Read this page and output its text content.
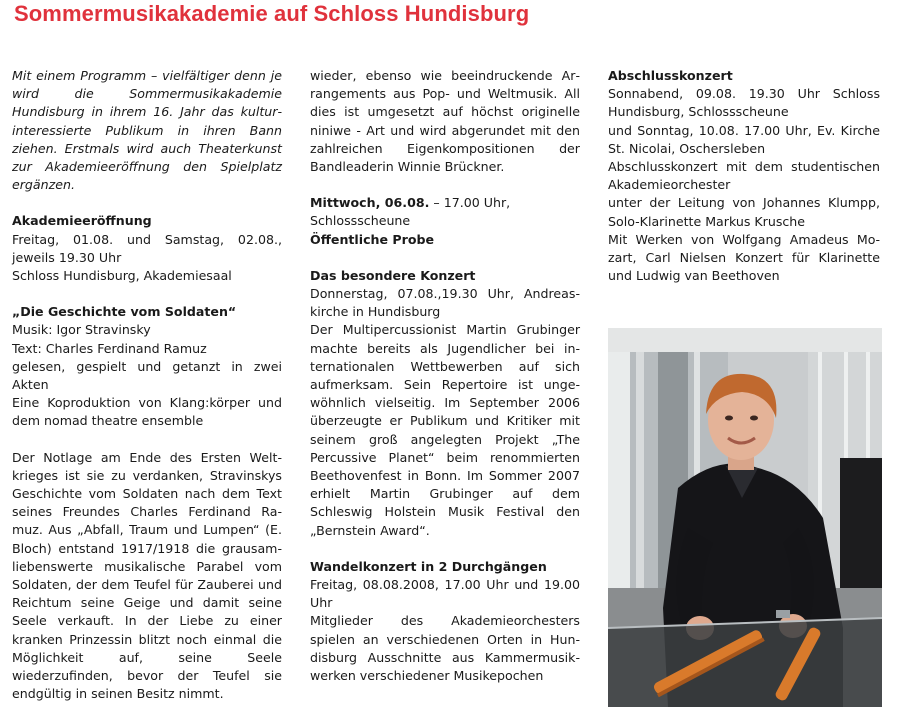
Sommermusikakademie auf Schloss Hundisburg

Mit einem Programm – vielfältiger denn je wird die Sommermusikakademie Hundisburg in ihrem 16. Jahr das kulturinteressierte Publikum in ihren Bann ziehen. Erstmals wird auch Theaterkunst zur Akademieeröffnung den Spielplatz ergänzen.

Akademieeröffnung

Freitag, 01.08. und Samstag, 02.08., jeweils 19.30 Uhr

Schloss Hundisburg, Akademiesaal

„Die Geschichte vom Soldaten“

Musik: Igor Stravinsky

Text: Charles Ferdinand Ramuz

gelesen, gespielt und getanzt in zwei Akten

Eine Koproduktion von Klang:körper und dem nomad theatre ensemble

Der Notlage am Ende des Ersten Weltkrieges ist sie zu verdanken, Stravinskys Geschichte vom Soldaten nach dem Text seines Freundes Charles Ferdinand Ramuz. Aus „Abfall, Traum und Lumpen“ (E. Bloch) entstand 1917/1918 die grausam-liebenswerte musikalische Parabel vom Soldaten, der dem Teufel für Zauberei und Reichtum seine Geige und damit seine Seele verkauft. In der Liebe zu einer kranken Prinzessin blitzt noch einmal die Möglichkeit auf, seine Seele wiederzufinden, bevor der Teufel sie endgültig in seinen Besitz nimmt.

wieder, ebenso wie beeindruckende Arrangements aus Pop- und Weltmusik. All dies ist umgesetzt auf höchst originelle niniwe - Art und wird abgerundet mit den zahlreichen Eigenkompositionen der Bandleaderin Winnie Brückner.

Mittwoch, 06.08. – 17.00 Uhr,

Schlossscheune

Öffentliche Probe

Das besondere Konzert

Donnerstag, 07.08.,19.30 Uhr, Andreaskirche in Hundisburg

Der Multipercussionist Martin Grubinger machte bereits als Jugendlicher bei internationalen Wettbewerben auf sich aufmerksam. Sein Repertoire ist ungewöhnlich vielseitig. Im September 2006 überzeugte er Publikum und Kritiker mit seinem groß angelegten Projekt „The Percussive Planet“ beim renommierten Beethovenfest in Bonn. Im Sommer 2007 erhielt Martin Grubinger auf dem Schleswig Holstein Musik Festival den „Bernstein Award“.

Wandelkonzert in 2 Durchgängen

Freitag, 08.08.2008, 17.00 Uhr und 19.00 Uhr

Mitglieder des Akademieorchesters spielen an verschiedenen Orten in Hundisburg Ausschnitte aus Kammermusikwerken verschiedener Musikepochen

Abschlusskonzert

Sonnabend, 09.08. 19.30 Uhr Schloss Hundisburg, Schlossscheune

und Sonntag, 10.08. 17.00 Uhr, Ev. Kirche St. Nicolai, Oschersleben

Abschlusskonzert mit dem studentischen Akademieorchester

unter der Leitung von Johannes Klumpp, Solo-Klarinette Markus Krusche

Mit Werken von Wolfgang Amadeus Mozart, Carl Nielsen Konzert für Klarinette und Ludwig van Beethoven
